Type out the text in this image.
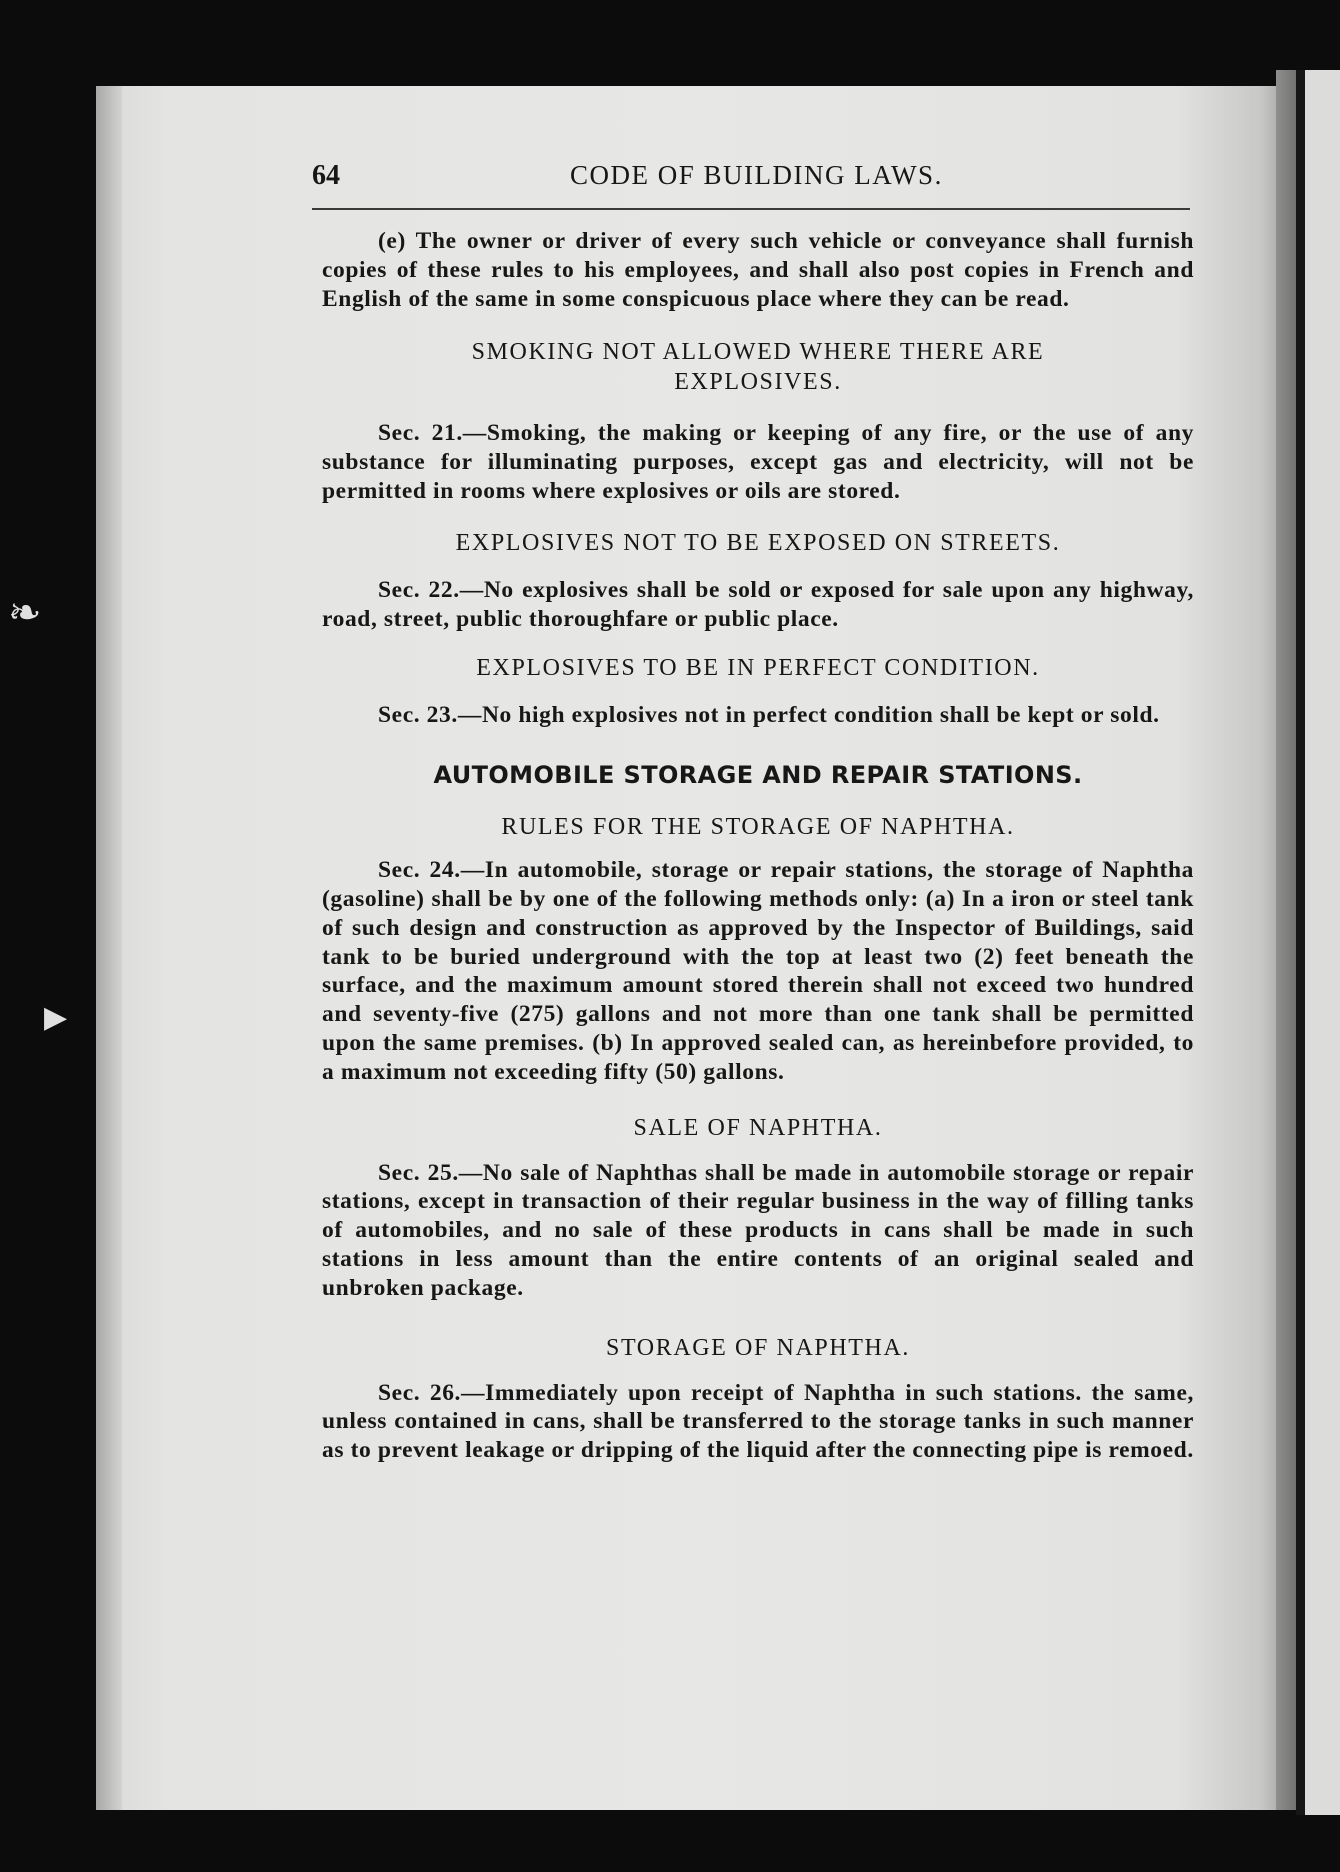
❧
▶
64	CODE OF BUILDING LAWS.

(e) The owner or driver of every such vehicle or conveyance shall furnish copies of these rules to his employees, and shall also post copies in French and English of the same in some conspicuous place where they can be read.

SMOKING NOT ALLOWED WHERE THERE ARE EXPLOSIVES.

Sec. 21.—Smoking, the making or keeping of any fire, or the use of any substance for illuminating purposes, except gas and electricity, will not be permitted in rooms where explosives or oils are stored.

EXPLOSIVES NOT TO BE EXPOSED ON STREETS.

Sec. 22.—No explosives shall be sold or exposed for sale upon any highway, road, street, public thoroughfare or public place.

EXPLOSIVES TO BE IN PERFECT CONDITION.

Sec. 23.—No high explosives not in perfect condition shall be kept or sold.

AUTOMOBILE STORAGE AND REPAIR STATIONS.
RULES FOR THE STORAGE OF NAPHTHA.

Sec. 24.—In automobile, storage or repair stations, the storage of Naphtha (gasoline) shall be by one of the following methods only: (a) In a iron or steel tank of such design and construction as approved by the Inspector of Buildings, said tank to be buried underground with the top at least two (2) feet beneath the surface, and the maximum amount stored therein shall not exceed two hundred and seventy-five (275) gallons and not more than one tank shall be permitted upon the same premises. (b) In approved sealed can, as hereinbefore provided, to a maximum not exceeding fifty (50) gallons.

SALE OF NAPHTHA.

Sec. 25.—No sale of Naphthas shall be made in automobile storage or repair stations, except in transaction of their regular business in the way of filling tanks of automobiles, and no sale of these products in cans shall be made in such stations in less amount than the entire contents of an original sealed and unbroken package.

STORAGE OF NAPHTHA.

Sec. 26.—Immediately upon receipt of Naphtha in such stations. the same, unless contained in cans, shall be transferred to the storage tanks in such manner as to prevent leakage or dripping of the liquid after the connecting pipe is remoed.
